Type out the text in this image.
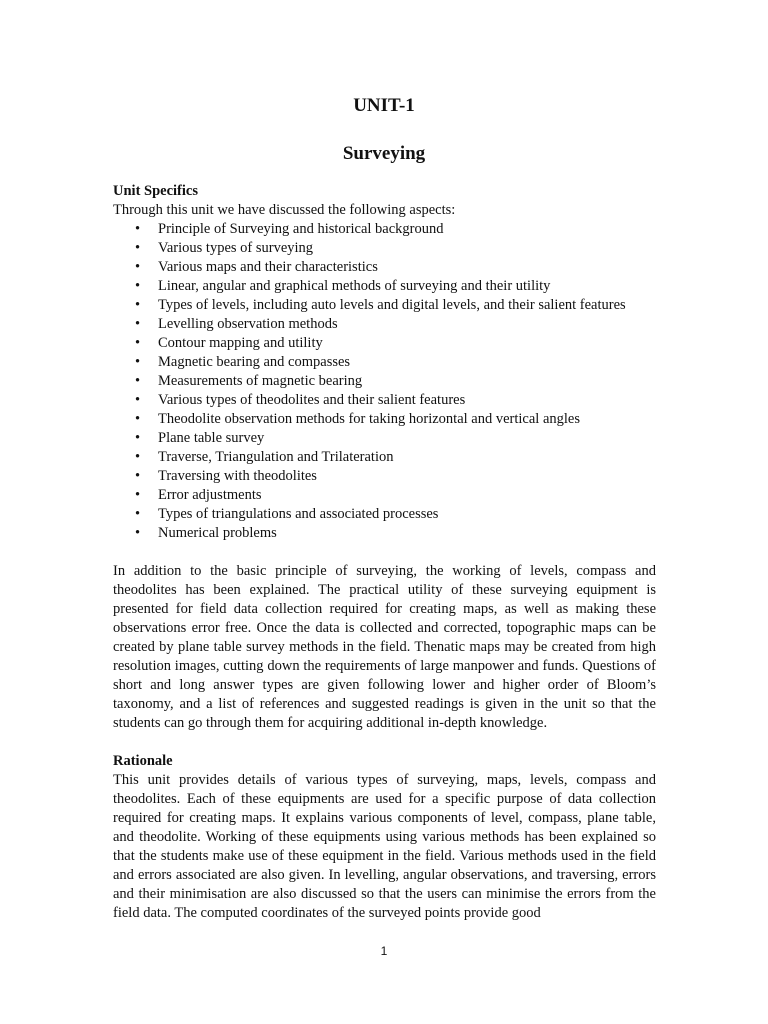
UNIT-1
Surveying

Unit Specifics

Through this unit we have discussed the following aspects:

• Principle of Surveying and historical background
• Various types of surveying
• Various maps and their characteristics
• Linear, angular and graphical methods of surveying and their utility
• Types of levels, including auto levels and digital levels, and their salient features
• Levelling observation methods
• Contour mapping and utility
• Magnetic bearing and compasses
• Measurements of magnetic bearing
• Various types of theodolites and their salient features
• Theodolite observation methods for taking horizontal and vertical angles
• Plane table survey
• Traverse, Triangulation and Trilateration
• Traversing with theodolites
• Error adjustments
• Types of triangulations and associated processes
• Numerical problems

In addition to the basic principle of surveying, the working of levels, compass and theodolites has been explained. The practical utility of these surveying equipment is presented for field data collection required for creating maps, as well as making these observations error free. Once the data is collected and corrected, topographic maps can be created by plane table survey methods in the field. Thenatic maps may be created from high resolution images, cutting down the requirements of large manpower and funds. Questions of short and long answer types are given following lower and higher order of Bloom’s taxonomy, and a list of references and suggested readings is given in the unit so that the students can go through them for acquiring additional in-depth knowledge.

Rationale

This unit provides details of various types of surveying, maps, levels, compass and theodolites. Each of these equipments are used for a specific purpose of data collection required for creating maps. It explains various components of level, compass, plane table, and theodolite. Working of these equipments using various methods has been explained so that the students make use of these equipment in the field. Various methods used in the field and errors associated are also given. In levelling, angular observations, and traversing, errors and their minimisation are also discussed so that the users can minimise the errors from the field data. The computed coordinates of the surveyed points provide good

1
